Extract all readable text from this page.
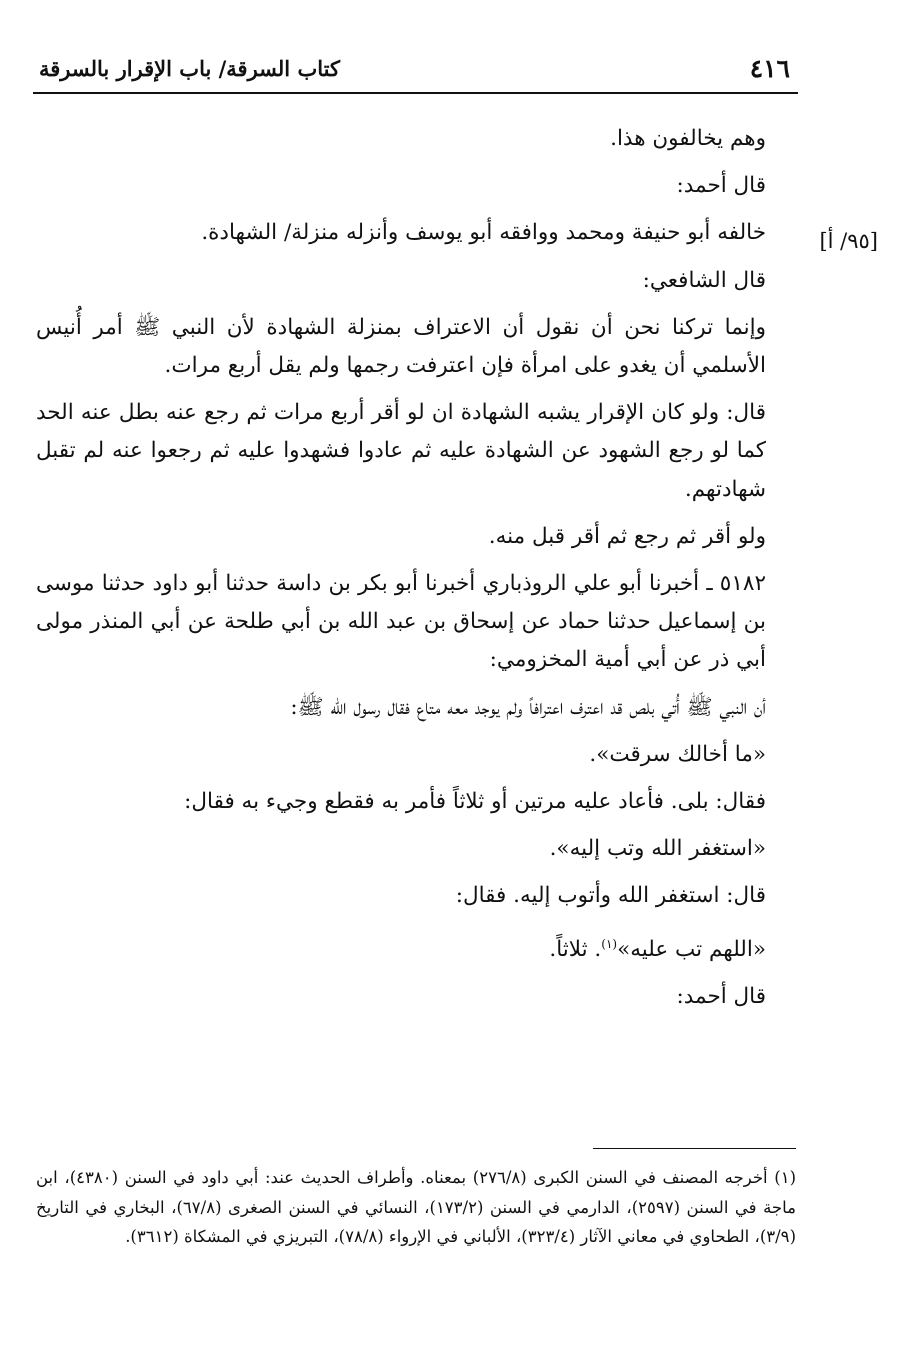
٤١٦
كتاب السرقة/ باب الإقرار بالسرقة
[٩٥/ أ]

وهم يخالفون هذا.

قال أحمد:

خالفه أبو حنيفة ومحمد ووافقه أبو يوسف وأنزله منزلة/ الشهادة.

قال الشافعي:

وإنما تركنا نحن أن نقول أن الاعتراف بمنزلة الشهادة لأن النبي ﷺ أمر أُنيس الأسلمي أن يغدو على امرأة فإن اعترفت رجمها ولم يقل أربع مرات.

قال: ولو كان الإقرار يشبه الشهادة ان لو أقر أربع مرات ثم رجع عنه بطل عنه الحد كما لو رجع الشهود عن الشهادة عليه ثم عادوا فشهدوا عليه ثم رجعوا عنه لم تقبل شهادتهم.

ولو أقر ثم رجع ثم أقر قبل منه.

٥١٨٢ ـ أخبرنا أبو علي الروذباري أخبرنا أبو بكر بن داسة حدثنا أبو داود حدثنا موسى بن إسماعيل حدثنا حماد عن إسحاق بن عبد الله بن أبي طلحة عن أبي المنذر مولى أبي ذر عن أبي أمية المخزومي:

أن النبي ﷺ أُتي بلص قد اعترف اعترافاً ولم يوجد معه متاع فقال رسول الله ﷺ:

«ما أخالك سرقت».

فقال: بلى. فأعاد عليه مرتين أو ثلاثاً فأمر به فقطع وجيء به فقال:

«استغفر الله وتب إليه».

قال: استغفر الله وأتوب إليه. فقال:

«اللهم تب عليه»$^{(١)}$. ثلاثاً.

قال أحمد:

(١) أخرجه المصنف في السنن الكبرى (٢٧٦/٨) بمعناه. وأطراف الحديث عند: أبي داود في السنن (٤٣٨٠)، ابن ماجة في السنن (٢٥٩٧)، الدارمي في السنن (١٧٣/٢)، النسائي في السنن الصغرى (٦٧/٨)، البخاري في التاريخ (٣/٩)، الطحاوي في معاني الآثار (٣٢٣/٤)، الألباني في الإرواء (٧٨/٨)، التبريزي في المشكاة (٣٦١٢).
